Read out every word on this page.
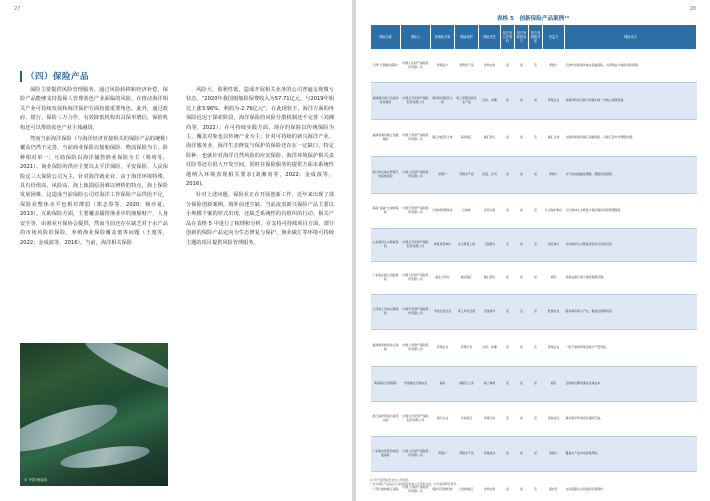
27
（四）保险产品

保险主要提供风险管理服务，通过风险转移和经济补偿，保险产品能够支持投保人管理蓝色产业面临的风险，在推动海洋相关产业可持续发展和海洋保护方面扮演重要角色。此外，通过政府、银行、保险三方合作，有效降低机构出具保单增信，保险机构还可以帮助蓝色产业主体融资。

然而当前海洋保险（与海洋经济直接相关的保险产品的统称）覆盖仍然不完善，当前商业保险以船舶保险、物流保险为主，险种相对单一；互助保险以海洋捕捞渔业保险为主（蔡靖等，2021）。商业保险的供应主要以太平洋保险、平安保险、人民保险这三大保险公司为主，针对海洋就业业、由于海洋环境特殊、具有价值高、风险高，海上致损原因难以辨析的特点，海上保险发展困难，这造成当前保险公司对海洋工作保险产品供给不足，保险业整体水平也相对薄弱（郑志春等，2020；杨亦夏，2013）。互助保险方面，主要覆盖捕捞渔业中的渔船财产、人身安全等，由渔业互保协会提供，然而当前还存在缺乏对于水产品的市场风险的保险，养殖渔业保险覆盖低等问题（王逸等，2022；金成波等，2016）。当前，海洋相关保险

风险大、盈利性低，造成开展相关业务的公司普遍呈现微亏状态。“2020年我国船舶险保费收入为57.71亿元，与2019年相比上涨3.96%，利润为-2.76亿元”，在此现状下，海洋方面的再保险迟迟于探索阶段，海洋保险的风险分散机制还不完善（刘湘尚等，2022）；在可持续实践方面，现存的保险以传统保险为主，覆盖对象也以传统产业为主；针对可持续的新兴海洋产业、海洋服务业、海洋生态修复与保护的保险还存在一定缺口，特定险种，也就针对海洋自然风险的应灾保险、海洋环境保护相关责任险等还有很大开发空间，同时在保险服务的提供方面未系统性地纳入环境表现相关要求(刘湘尚等，2022；金成波等，2016)。

针对上述问题，保险业正在开展创新工作，近年来出现了部分保险创新案例，填补前述空缺。当前流表新兴保险产品主要以小规模个案的形式出现，还缺乏系统性的有组织的行动。相关产品在表格 5 中进行了梳理和分析。在支持可持续项目方面，部分创新的保险产品定向为生态修复与保护、渔业碳汇等环境可持续主题的项目提供风险管理服务。

© 中国·海南省
28
表格 5　创新保险产品案例¹³
保险名称	保险人	被保险对象	保险标的	保险责任	是否有公开资料	是否有政府参与	是否有财政补贴	受益方	保险亮点
天津“万顺渔业保险”	中国人民财产保险股份有限公司	养殖业户	养殖水产品	自然灾害	是	是	否	养殖户	天津市首单海洋渔业指数保险，为养殖业户提供风险保障。
福建莆田南日岛海洋牧场保险	中国太平洋财产保险股份有限公司	海洋牧场经营主体	海上养殖设施及水产品	台风、赤潮	是	是	是	养殖企业	将海洋牧场设施与养殖生物一并纳入保障范围。
福建省海洋碳汇指数保险	中国人寿财产保险股份有限公司	碳汇林经营主体	海洋碳汇	碳汇损失	是	是	否	碳汇主体	全国首单海洋碳汇指数保险，以碳汇量作为理赔依据。
浙江象山海水养殖气象指数保险	中国人民财产保险股份有限公司	养殖户	养殖水产品	低温、台风	是	是	是	养殖户	以气象指数触发理赔，理赔快速透明。
海南“蓝碳”红树林保险	中国平安财产保险股份有限公司	红树林管理单位	红树林	自然灾害	是	是	否	生态保护单位	为红树林生态修复与保护提供风险管理服务。
山东海洋生态修复保险	中国太平洋财产保险股份有限公司	修复项目单位	生态修复工程	工程损失	否	是	否	项目单位	支持海洋生态修复项目的可持续运营。
广东渔业碳汇指数保险	中国人民财产保险股份有限公司	渔业合作社	渔业碳汇	碳汇损失	是	是	是	渔民	将渔业碳汇纳入保险保障范围。
江苏海上风电运维保险	中国平安财产保险股份有限公司	风电运营企业	海上风电设施	设备损坏	是	否	否	能源企业	服务海洋新兴产业，覆盖运维期风险。
福建海洋牧场综合保险	中国人寿财产保险股份有限公司	养殖企业	养殖平台	台风、赤潮	是	是	否	养殖企业	一揽子保障养殖设施与产量风险。
海南渔业互助保险	中国渔业互保协会	渔民	渔船及人身	海上事故	是	是	是	渔民	互助模式降低渔民投保成本。
浙江海洋环境污染责任险	中国太平洋财产保险股份有限公司	港口企业	污染责任	环境污染	否	是	否	沿海社区	填补海洋环境责任保险空缺。
广东海水养殖价格指数保险	中国人民财产保险股份有限公司	养殖户	养殖水产品	价格波动	是	是	是	养殖户	覆盖水产品市场价格风险。
广西红树林碳汇保险	中国人寿财产保险股份有限公司	保护区管理机构	红树林碳汇	自然灾害	是	是	否	保护区	支持蓝碳生态系统的长期保护。
13 部分案例信息来自公开报道。
* 表中保险产品信息以各地保险机构公开资料为准，仅作案例研究参考。
